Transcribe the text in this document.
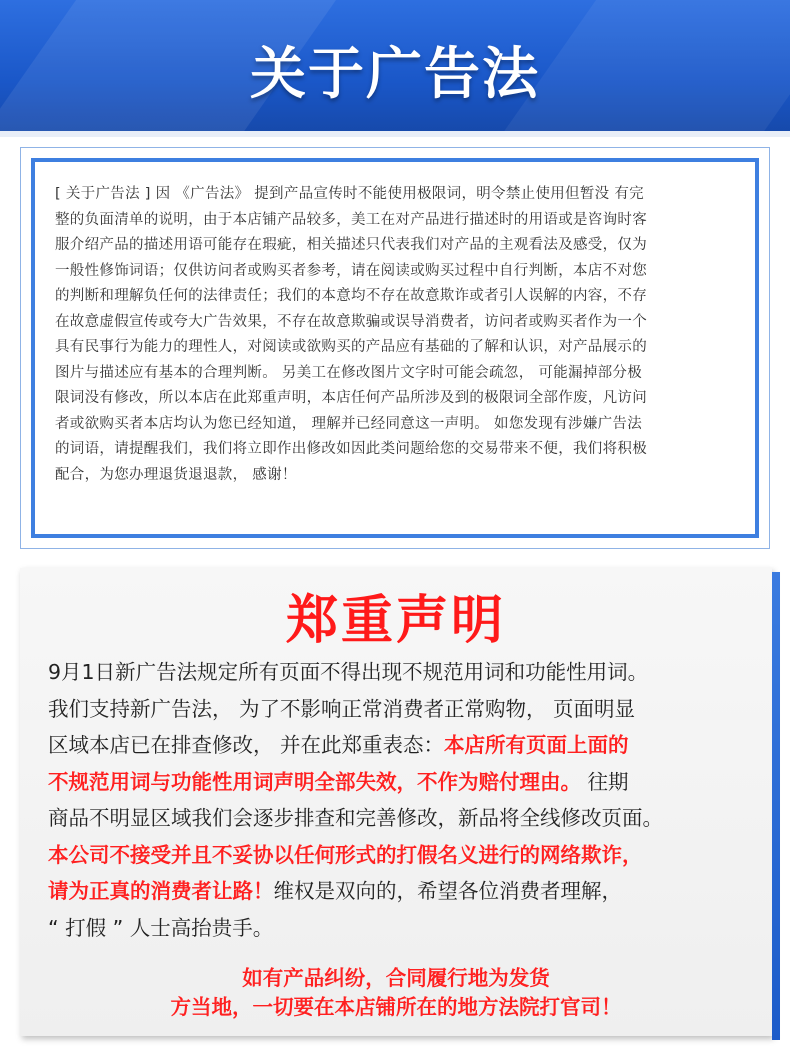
关于广告法

[ 关于广告法 ] 因 《广告法》 提到产品宣传时不能使用极限词，明令禁止使用但暂没 有完

整的负面清单的说明，由于本店铺产品较多，美工在对产品进行描述时的用语或是咨询时客

服介绍产品的描述用语可能存在瑕疵，相关描述只代表我们对产品的主观看法及感受，仅为

一般性修饰词语；仅供访问者或购买者参考，请在阅读或购买过程中自行判断，本店不对您

的判断和理解负任何的法律责任；我们的本意均不存在故意欺诈或者引人误解的内容，不存

在故意虚假宣传或夸大广告效果，不存在故意欺骗或误导消费者，访问者或购买者作为一个

具有民事行为能力的理性人，对阅读或欲购买的产品应有基础的了解和认识，对产品展示的

图片与描述应有基本的合理判断。 另美工在修改图片文字时可能会疏忽， 可能漏掉部分极

限词没有修改，所以本店在此郑重声明，本店任何产品所涉及到的极限词全部作废，凡访问

者或欲购买者本店均认为您已经知道， 理解并已经同意这一声明。 如您发现有涉嫌广告法

的词语，请提醒我们，我们将立即作出修改如因此类问题给您的交易带来不便，我们将积极

配合，为您办理退货退退款， 感谢！

郑重声明
9月1日新广告法规定所有页面不得出现不规范用词和功能性用词。
我们支持新广告法， 为了不影响正常消费者正常购物， 页面明显
区域本店已在排查修改， 并在此郑重表态：本店所有页面上面的
不规范用词与功能性用词声明全部失效，不作为赔付理由。 往期
商品不明显区域我们会逐步排查和完善修改，新品将全线修改页面。
本公司不接受并且不妥协以任何形式的打假名义进行的网络欺诈，
请为正真的消费者让路！维权是双向的，希望各位消费者理解，
“ 打假 ” 人士高抬贵手。
如有产品纠纷，合同履行地为发货
方当地，一切要在本店铺所在的地方法院打官司！
